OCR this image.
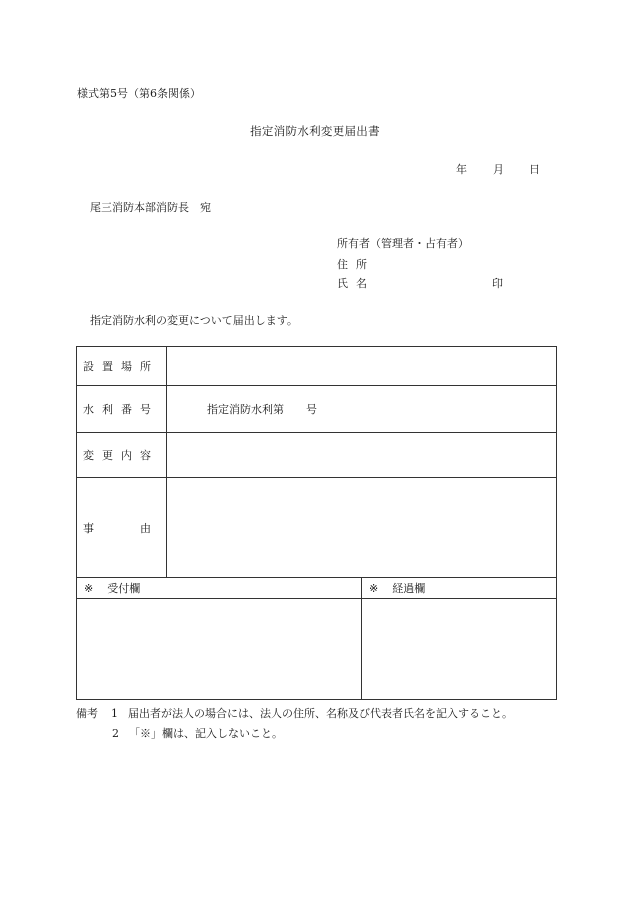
様式第5号（第6条関係）
指定消防水利変更届出書
年 月 日
尾三消防本部消防長　宛
所有者（管理者・占有者）
住所
氏名	印
指定消防水利の変更について届出します。
設 置 場 所		

水 利 番 号	指定消防水利第　　号	

変 更 内 容		

事 由		

※ 受付欄		※ 経過欄

備考 1 届出者が法人の場合には、法人の住所、名称及び代表者氏名を記入すること。
2 「※」欄は、記入しないこと。
